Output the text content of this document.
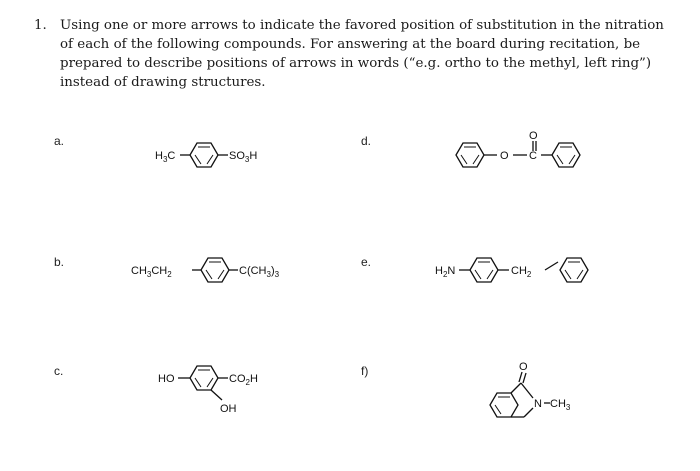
1. Using one or more arrows to indicate the favored position of substitution in the nitration of each of the following compounds. For answering at the board during recitation, be prepared to describe positions of arrows in words (“e.g. ortho to the methyl, left ring”) instead of drawing structures.
a.
b.
c.
d.
e.
f)
$H_3C$	$SO_3H$
$CH_3CH_2$	$C(CH_3)_3$
HO	$CO_2H$
OH
O C
O
$H_2N$	$CH_2$
O
N $CH_3$
